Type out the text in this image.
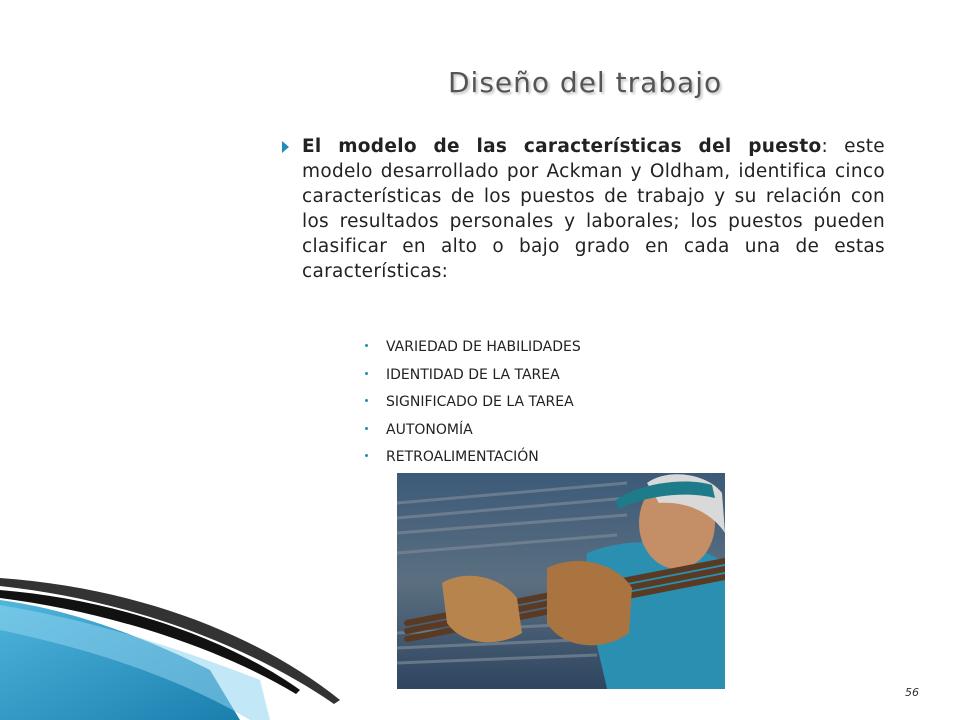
Diseño del trabajo

El modelo de las características del puesto: este modelo desarrollado por Ackman y Oldham, identifica cinco características de los puestos de trabajo y su relación con los resultados personales y laborales; los puestos pueden clasificar en alto o bajo grado en cada una de estas características:

VARIEDAD DE HABILIDADES
IDENTIDAD DE LA TAREA
SIGNIFICADO DE LA TAREA
AUTONOMÍA
RETROALIMENTACIÓN
56
